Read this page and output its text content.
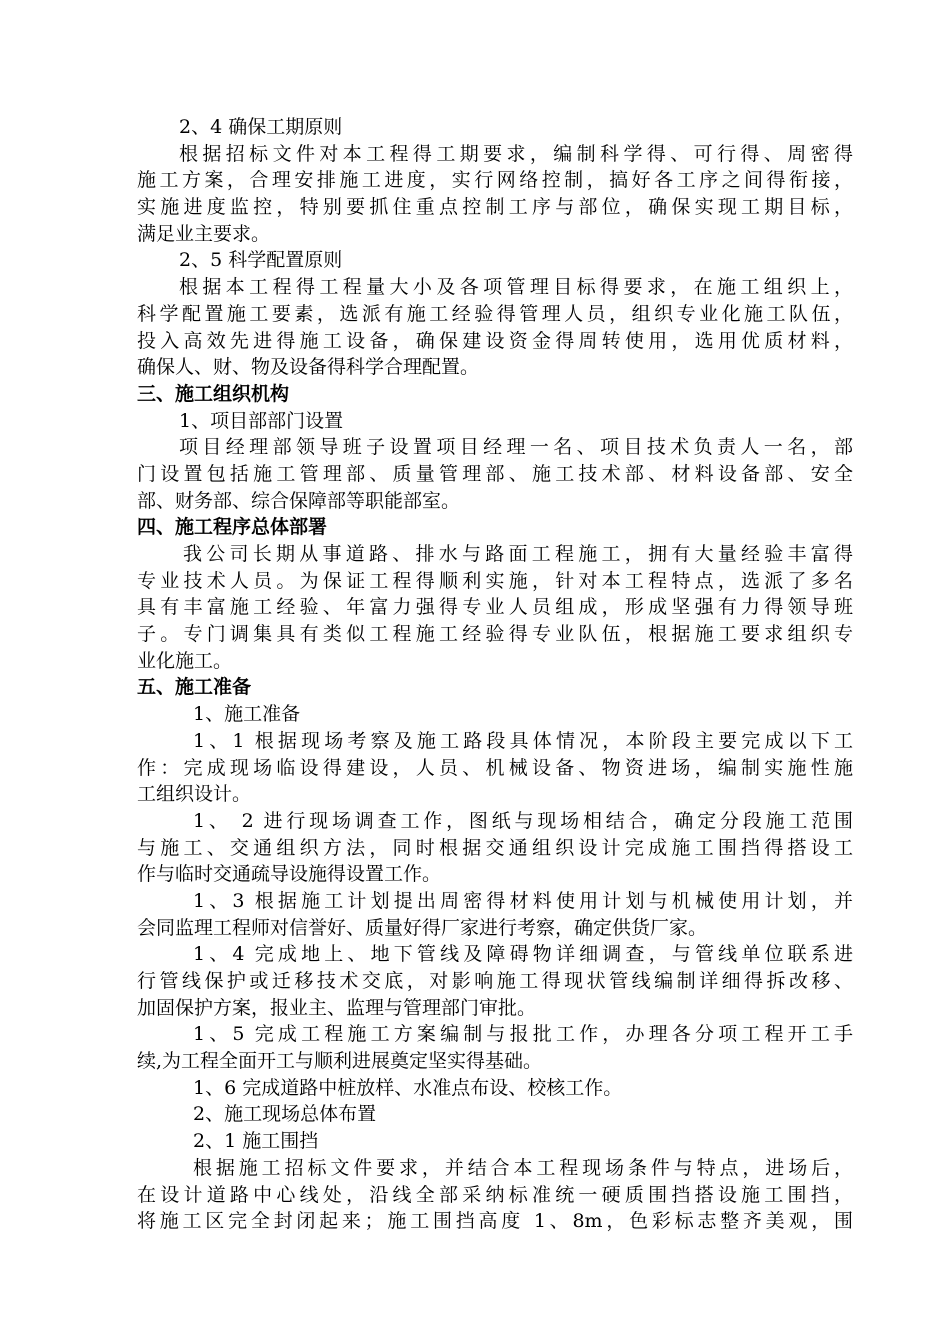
2、4 确保工期原则
根据招标文件对本工程得工期要求，编制科学得、可行得、周密得
施工方案，合理安排施工进度，实行网络控制，搞好各工序之间得衔接，
实施进度监控，特别要抓住重点控制工序与部位，确保实现工期目标，
满足业主要求。
2、5 科学配置原则
根据本工程得工程量大小及各项管理目标得要求，在施工组织上，
科学配置施工要素，选派有施工经验得管理人员，组织专业化施工队伍，
投入高效先进得施工设备，确保建设资金得周转使用，选用优质材料，
确保人、财、物及设备得科学合理配置。
三、施工组织机构
1、项目部部门设置
项目经理部领导班子设置项目经理一名、项目技术负责人一名，部
门设置包括施工管理部、质量管理部、施工技术部、材料设备部、安全
部、财务部、综合保障部等职能部室。
四、施工程序总体部署
我公司长期从事道路、排水与路面工程施工，拥有大量经验丰富得
专业技术人员。为保证工程得顺利实施，针对本工程特点，选派了多名
具有丰富施工经验、年富力强得专业人员组成，形成坚强有力得领导班
子。专门调集具有类似工程施工经验得专业队伍，根据施工要求组织专
业化施工。
五、施工准备
1、施工准备
1、1 根据现场考察及施工路段具体情况，本阶段主要完成以下工
作：完成现场临设得建设，人员、机械设备、物资进场，编制实施性施
工组织设计。
1、 2 进行现场调查工作，图纸与现场相结合，确定分段施工范围
与施工、交通组织方法，同时根据交通组织设计完成施工围挡得搭设工
作与临时交通疏导设施得设置工作。
1、3 根据施工计划提出周密得材料使用计划与机械使用计划，并
会同监理工程师对信誉好、质量好得厂家进行考察，确定供货厂家。
1、4 完成地上、地下管线及障碍物详细调查，与管线单位联系进
行管线保护或迁移技术交底，对影响施工得现状管线编制详细得拆改移、
加固保护方案，报业主、监理与管理部门审批。
1、5 完成工程施工方案编制与报批工作，办理各分项工程开工手
续,为工程全面开工与顺利进展奠定坚实得基础。
1、6 完成道路中桩放样、水准点布设、校核工作。
2、施工现场总体布置
2、1 施工围挡
根据施工招标文件要求，并结合本工程现场条件与特点，进场后，
在设计道路中心线处，沿线全部采纳标准统一硬质围挡搭设施工围挡，
将施工区完全封闭起来；施工围挡高度 1、8m，色彩标志整齐美观，围
